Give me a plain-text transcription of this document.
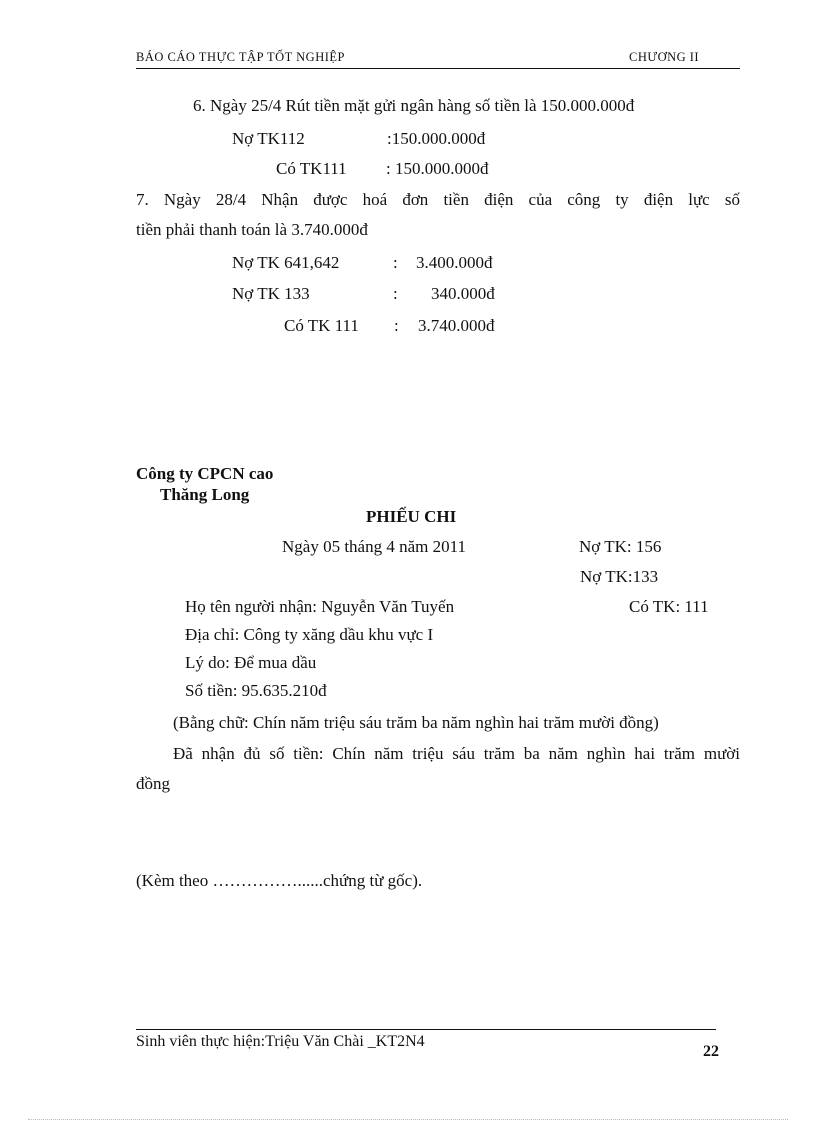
BÁO CÁO THỰC TẬP TỐT NGHIỆP	CHƯƠNG II
6. Ngày 25/4 Rút tiền mặt gửi ngân hàng số tiền là 150.000.000đ
Nợ TK112	:150.000.000đ
Có TK111 : 150.000.000đ
7. Ngày 28/4 Nhận được hoá đơn tiền điện của công ty điện lực số
tiền phải thanh toán là 3.740.000đ
Nợ TK 641,642	: 3.400.000đ
Nợ TK 133	: 340.000đ
Có TK 111 : 3.740.000đ
Công ty CPCN cao
Thăng Long
PHIẾU CHI
Ngày 05 tháng 4 năm 2011	Nợ TK: 156
Nợ TK:133
Họ tên người nhận: Nguyễn Văn Tuyến	Có TK: 111
Địa chỉ: Công ty xăng dầu khu vực I
Lý do: Để mua dầu
Số tiền: 95.635.210đ
(Bằng chữ: Chín năm triệu sáu trăm ba năm nghìn hai trăm mười đồng)
Đã nhận đủ số tiền: Chín năm triệu sáu trăm ba năm nghìn hai trăm mười
đồng
(Kèm theo ……………......chứng từ gốc).
Sinh viên thực hiện:Triệu Văn Chài _KT2N4
22
